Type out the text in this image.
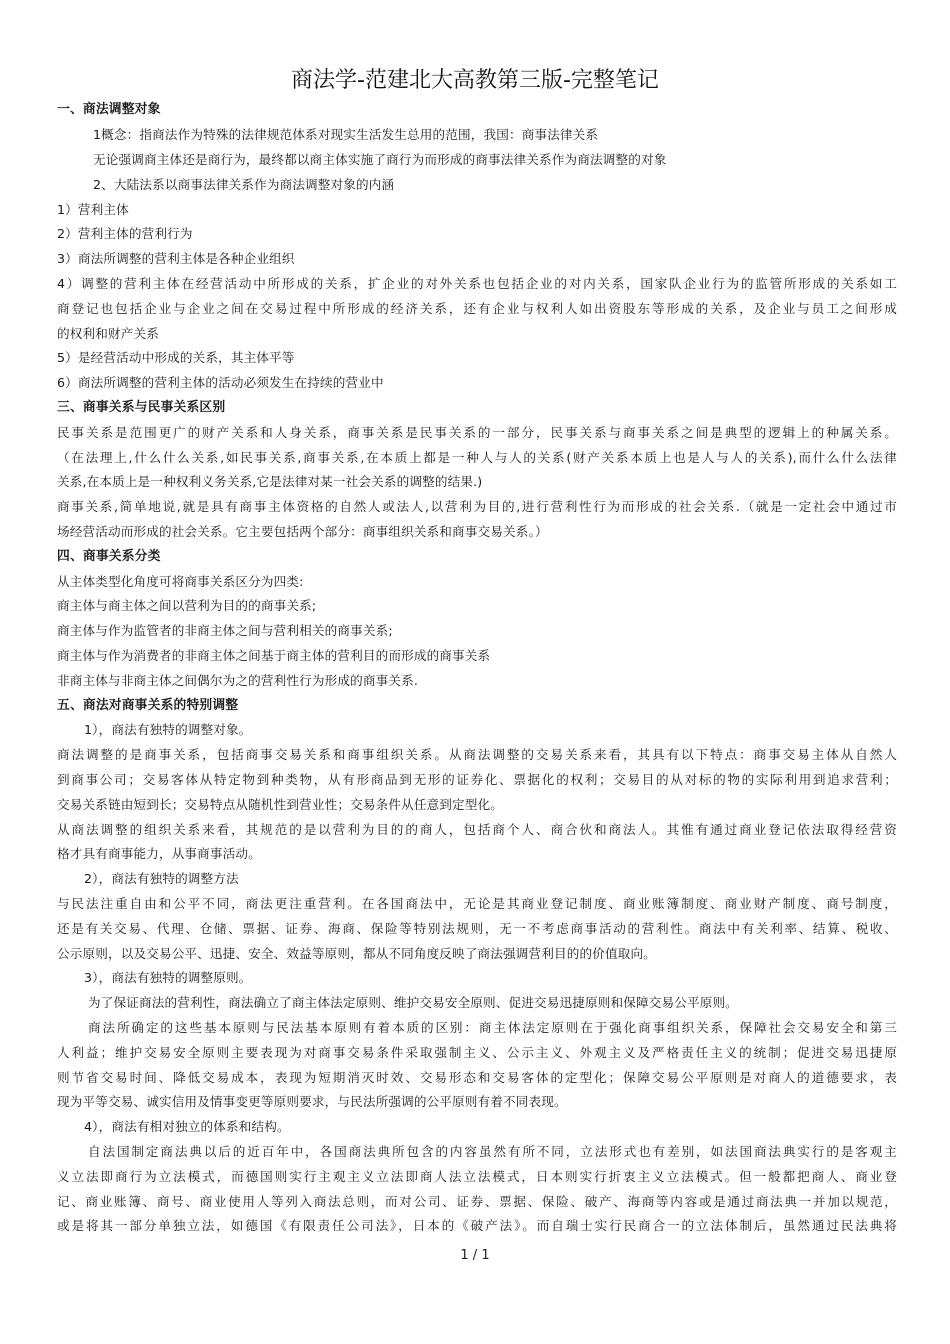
商法学-范建北大高教第三版-完整笔记
一、商法调整对象
1概念：指商法作为特殊的法律规范体系对现实生活发生总用的范围，我国：商事法律关系
无论强调商主体还是商行为，最终都以商主体实施了商行为而形成的商事法律关系作为商法调整的对象
2、大陆法系以商事法律关系作为商法调整对象的内涵
1）营利主体
2）营利主体的营利行为
3）商法所调整的营利主体是各种企业组织
4）调整的营利主体在经营活动中所形成的关系，扩企业的对外关系也包括企业的对内关系，国家队企业行为的监管所形成的关系如工
商登记也包括企业与企业之间在交易过程中所形成的经济关系，还有企业与权利人如出资股东等形成的关系，及企业与员工之间形成
的权利和财产关系
5）是经营活动中形成的关系，其主体平等
6）商法所调整的营利主体的活动必须发生在持续的营业中
三、商事关系与民事关系区别
民事关系是范围更广的财产关系和人身关系，商事关系是民事关系的一部分，民事关系与商事关系之间是典型的逻辑上的种属关系。
（在法理上,什么什么关系,如民事关系,商事关系,在本质上都是一种人与人的关系(财产关系本质上也是人与人的关系),而什么什么法律
关系,在本质上是一种权利义务关系,它是法律对某一社会关系的调整的结果.)
商事关系,简单地说,就是具有商事主体资格的自然人或法人,以营利为目的,进行营利性行为而形成的社会关系.（就是一定社会中通过市
场经营活动而形成的社会关系。它主要包括两个部分：商事组织关系和商事交易关系。）
四、商事关系分类
从主体类型化角度可将商事关系区分为四类:
商主体与商主体之间以营利为目的的商事关系;
商主体与作为监管者的非商主体之间与营利相关的商事关系;
商主体与作为消费者的非商主体之间基于商主体的营利目的而形成的商事关系
非商主体与非商主体之间偶尔为之的营利性行为形成的商事关系.
五、商法对商事关系的特别调整
1），商法有独特的调整对象。
商法调整的是商事关系，包括商事交易关系和商事组织关系。从商法调整的交易关系来看，其具有以下特点：商事交易主体从自然人
到商事公司；交易客体从特定物到种类物，从有形商品到无形的证券化、票据化的权利；交易目的从对标的物的实际利用到追求营利；
交易关系链由短到长；交易特点从随机性到营业性；交易条件从任意到定型化。
从商法调整的组织关系来看，其规范的是以营利为目的的商人，包括商个人、商合伙和商法人。其惟有通过商业登记依法取得经营资
格才具有商事能力，从事商事活动。
2），商法有独特的调整方法
与民法注重自由和公平不同，商法更注重营利。在各国商法中，无论是其商业登记制度、商业账簿制度、商业财产制度、商号制度，
还是有关交易、代理、仓储、票据、证券、海商、保险等特别法规则，无一不考虑商事活动的营利性。商法中有关利率、结算、税收、
公示原则，以及交易公平、迅捷、安全、效益等原则，都从不同角度反映了商法强调营利目的的价值取向。
3），商法有独特的调整原则。
为了保证商法的营利性，商法确立了商主体法定原则、维护交易安全原则、促进交易迅捷原则和保障交易公平原则。
商法所确定的这些基本原则与民法基本原则有着本质的区别：商主体法定原则在于强化商事组织关系，保障社会交易安全和第三
人利益；维护交易安全原则主要表现为对商事交易条件采取强制主义、公示主义、外观主义及严格责任主义的统制；促进交易迅捷原
则节省交易时间、降低交易成本，表现为短期消灭时效、交易形态和交易客体的定型化；保障交易公平原则是对商人的道德要求，表
现为平等交易、诚实信用及情事变更等原则要求，与民法所强调的公平原则有着不同表现。
4），商法有相对独立的体系和结构。
自法国制定商法典以后的近百年中，各国商法典所包含的内容虽然有所不同，立法形式也有差别，如法国商法典实行的是客观主
义立法即商行为立法模式，而德国则实行主观主义立法即商人法立法模式，日本则实行折衷主义立法模式。但一般都把商人、商业登
记、商业账簿、商号、商业使用人等列入商法总则，而对公司、证券、票据、保险、破产、海商等内容或是通过商法典一并加以规范，
或是将其一部分单独立法，如德国《有限责任公司法》，日本的《破产法》。而自瑞士实行民商合一的立法体制后，虽然通过民法典将
1 / 1
